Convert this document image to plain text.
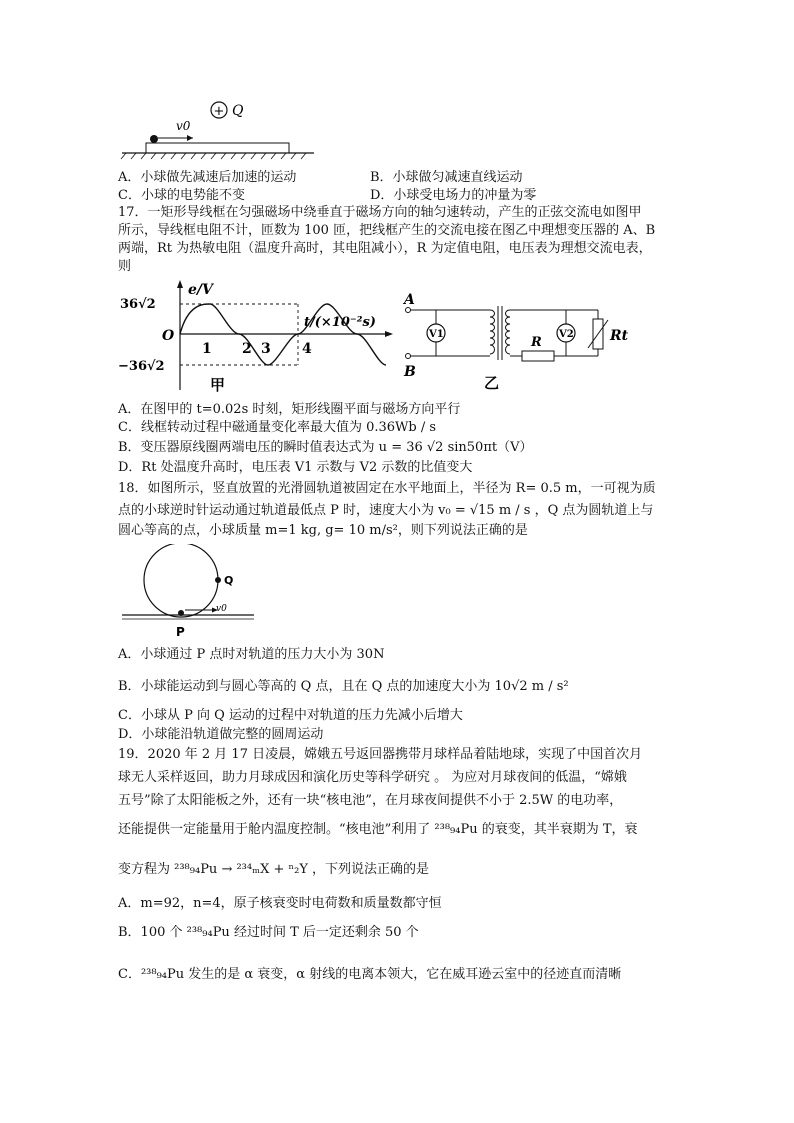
+ Q
v0
A．小球做先减速后加速的运动	B．小球做匀减速直线运动
C．小球的电势能不变	D．小球受电场力的冲量为零
17．一矩形导线框在匀强磁场中绕垂直于磁场方向的轴匀速转动，产生的正弦交流电如图甲
所示，导线框电阻不计，匝数为 100 匝，把线框产生的交流电接在图乙中理想变压器的 A、B
两端，Rt 为热敏电阻（温度升高时，其电阻减小），R 为定值电阻，电压表为理想交流电表，
则
e/V
t/(×10⁻²s)
36√2
−36√2
O
1 2 3 4
甲
A
B
V1
R
V2	Rt
乙
A．在图甲的 t=0.02s 时刻，矩形线圈平面与磁场方向平行
C．线框转动过程中磁通量变化率最大值为 0.36Wb / s
B．变压器原线圈两端电压的瞬时值表达式为 u = 36 √2 sin50πt（V）
D．Rt 处温度升高时，电压表 V1 示数与 V2 示数的比值变大
18．如图所示，竖直放置的光滑圆轨道被固定在水平地面上，半径为 R= 0.5 m，一可视为质
点的小球逆时针运动通过轨道最低点 P 时，速度大小为 v₀ = √15 m / s ，Q 点为圆轨道上与
圆心等高的点，小球质量 m=1 kg, g= 10 m/s²，则下列说法正确的是
Q
v0
P
A．小球通过 P 点时对轨道的压力大小为 30N
B．小球能运动到与圆心等高的 Q 点，且在 Q 点的加速度大小为 10√2 m / s²
C．小球从 P 向 Q 运动的过程中对轨道的压力先减小后增大
D．小球能沿轨道做完整的圆周运动
19．2020 年 2 月 17 日凌晨，嫦娥五号返回器携带月球样品着陆地球，实现了中国首次月
球无人采样返回，助力月球成因和演化历史等科学研究 。 为应对月球夜间的低温，“嫦娥
五号”除了太阳能板之外，还有一块“核电池”，在月球夜间提供不小于 2.5W 的电功率，
还能提供一定能量用于舱内温度控制。“核电池”利用了 ²³⁸₉₄Pu 的衰变，其半衰期为 T，衰
变方程为 ²³⁸₉₄Pu → ²³⁴ₘX + ⁿ₂Y ，下列说法正确的是
A．m=92，n=4，原子核衰变时电荷数和质量数都守恒
B．100 个 ²³⁸₉₄Pu 经过时间 T 后一定还剩余 50 个
C．²³⁸₉₄Pu 发生的是 α 衰变，α 射线的电离本领大，它在威耳逊云室中的径迹直而清晰
